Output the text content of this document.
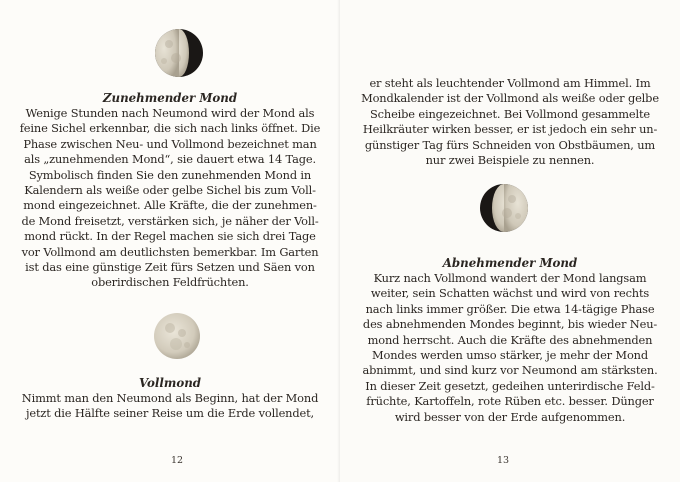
Zunehmender Mond
Wenige Stunden nach Neumond wird der Mond als
feine Sichel erkennbar, die sich nach links öffnet. Die
Phase zwischen Neu- und Vollmond bezeichnet man
als „zunehmenden Mond“, sie dauert etwa 14 Tage.
Symbolisch finden Sie den zunehmenden Mond in
Kalendern als weiße oder gelbe Sichel bis zum Voll-
mond eingezeichnet. Alle Kräfte, die der zunehmen-
de Mond freisetzt, verstärken sich, je näher der Voll-
mond rückt. In der Regel machen sie sich drei Tage
vor Vollmond am deutlichsten bemerkbar. Im Garten
ist das eine günstige Zeit fürs Setzen und Säen von
oberirdischen Feldfrüchten.
Vollmond
Nimmt man den Neumond als Beginn, hat der Mond
jetzt die Hälfte seiner Reise um die Erde vollendet,
12
er steht als leuchtender Vollmond am Himmel. Im
Mondkalender ist der Vollmond als weiße oder gelbe
Scheibe eingezeichnet. Bei Vollmond gesammelte
Heilkräuter wirken besser, er ist jedoch ein sehr un-
günstiger Tag fürs Schneiden von Obstbäumen, um
nur zwei Beispiele zu nennen.
Abnehmender Mond
Kurz nach Vollmond wandert der Mond langsam
weiter, sein Schatten wächst und wird von rechts
nach links immer größer. Die etwa 14-tägige Phase
des abnehmenden Mondes beginnt, bis wieder Neu-
mond herrscht. Auch die Kräfte des abnehmenden
Mondes werden umso stärker, je mehr der Mond
abnimmt, und sind kurz vor Neumond am stärksten.
In dieser Zeit gesetzt, gedeihen unterirdische Feld-
früchte, Kartoffeln, rote Rüben etc. besser. Dünger
wird besser von der Erde aufgenommen.
13
